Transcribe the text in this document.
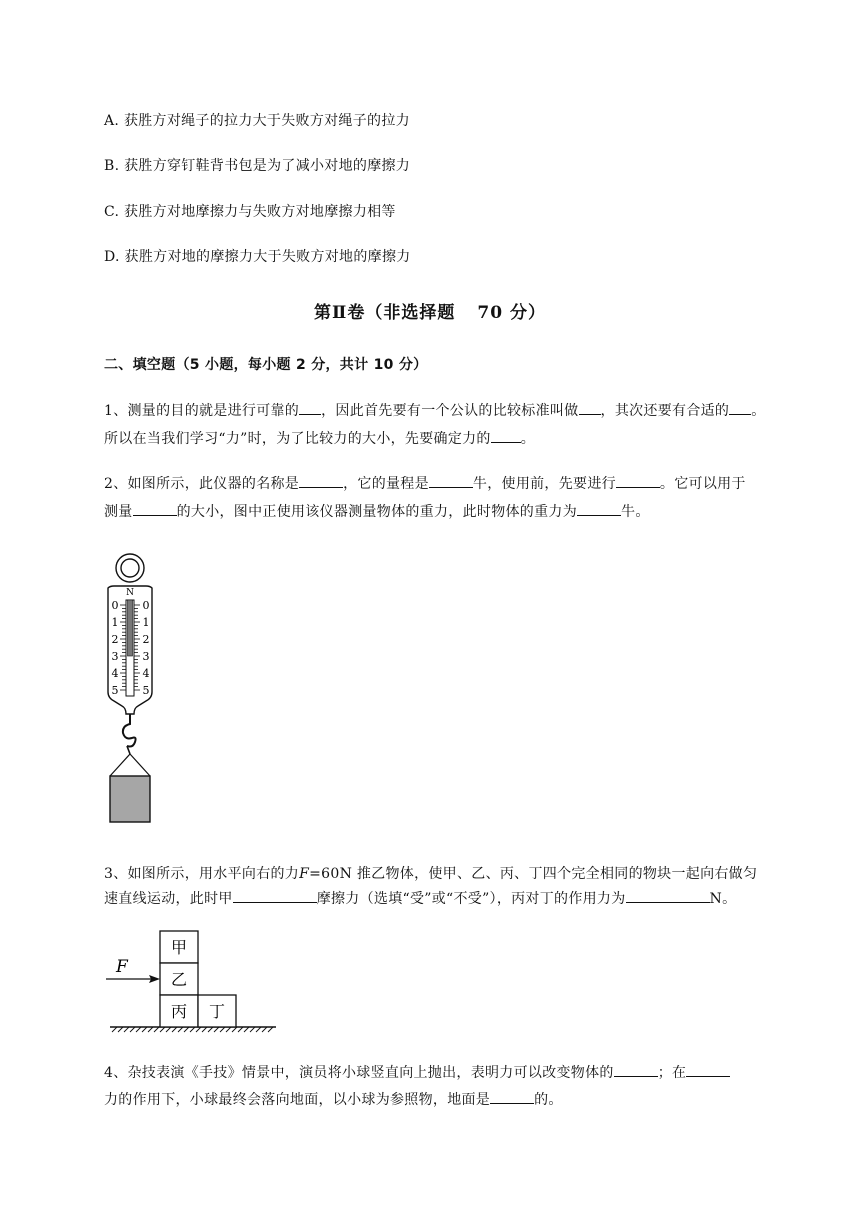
A. 获胜方对绳子的拉力大于失败方对绳子的拉力
B. 获胜方穿钉鞋背书包是为了减小对地的摩擦力
C. 获胜方对地摩擦力与失败方对地摩擦力相等
D. 获胜方对地的摩擦力大于失败方对地的摩擦力
第Ⅱ卷（非选择题 70 分）
二、填空题（5 小题，每小题 2 分，共计 10 分）
1、测量的目的就是进行可靠的 ，因此首先要有一个公认的比较标准叫做 ，其次还要有合适的 。
所以在当我们学习“力”时，为了比较力的大小，先要确定力的 。
2、如图所示，此仪器的名称是	，它的量程是	牛，使用前，先要进行	。它可以用于
测量	的大小，图中正使用该仪器测量物体的重力，此时物体的重力为	牛。
N
0 0
1 1
2 2
3 3
4 4
5 5
3、如图所示，用水平向右的力F=60N 推乙物体，使甲、乙、丙、丁四个完全相同的物块一起向右做匀
速直线运动，此时甲	摩擦力（选填“受”或“不受”），丙对丁的作用力为	N。
甲
乙
丙 丁
F
4、杂技表演《手技》情景中，演员将小球竖直向上抛出，表明力可以改变物体的	；在
力的作用下，小球最终会落向地面，以小球为参照物，地面是	的。
